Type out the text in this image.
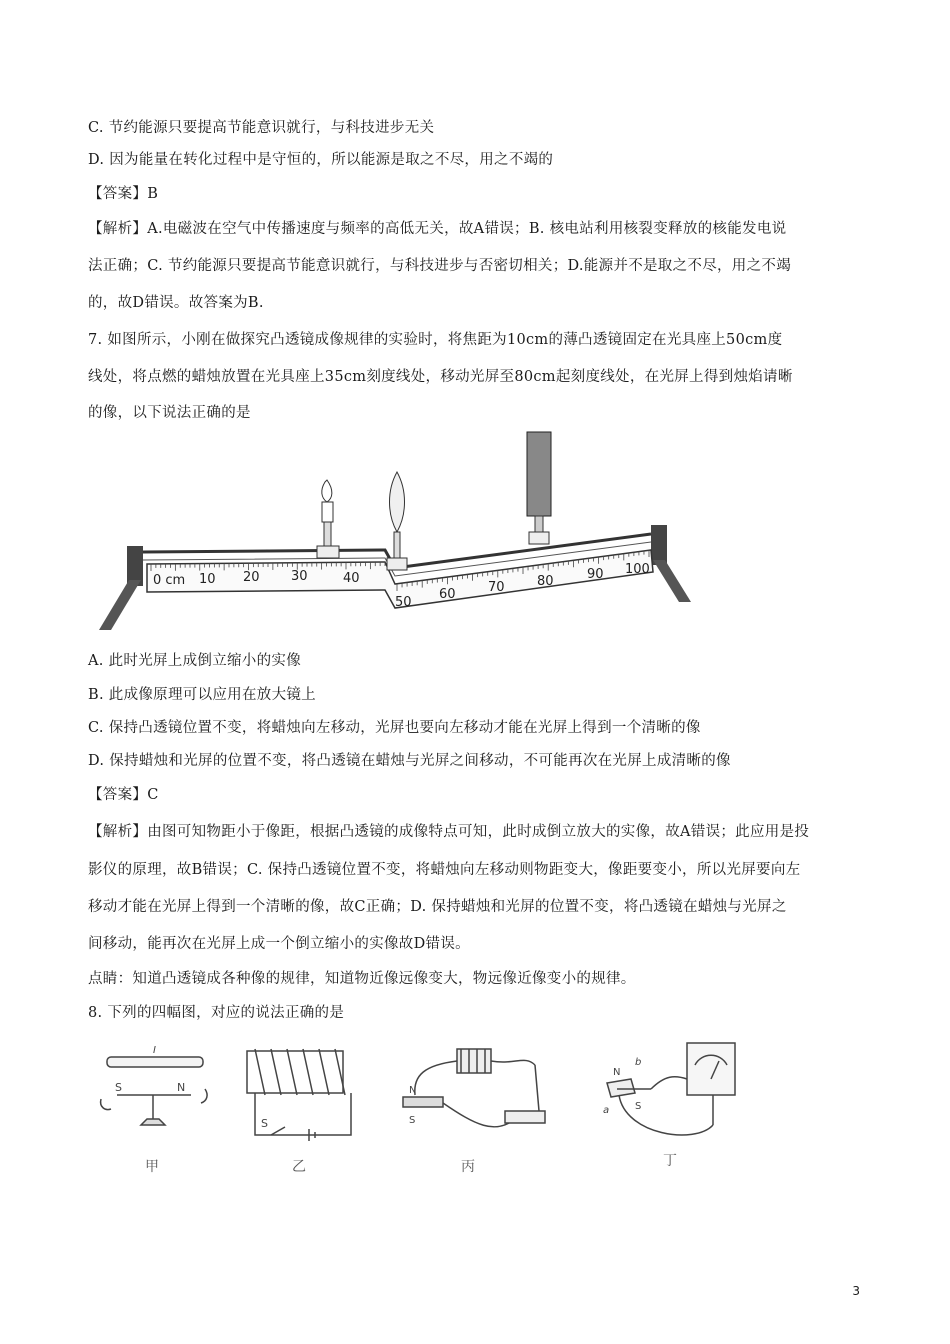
C. 节约能源只要提高节能意识就行，与科技进步无关
D. 因为能量在转化过程中是守恒的，所以能源是取之不尽，用之不竭的
【答案】B
【解析】A.电磁波在空气中传播速度与频率的高低无关，故A错误；B. 核电站利用核裂变释放的核能发电说
法正确；C. 节约能源只要提高节能意识就行，与科技进步与否密切相关；D.能源并不是取之不尽，用之不竭
的，故D错误。故答案为B.
7. 如图所示，小刚在做探究凸透镜成像规律的实验时，将焦距为10cm的薄凸透镜固定在光具座上50cm度
线处，将点燃的蜡烛放置在光具座上35cm刻度线处，移动光屏至80cm起刻度线处，在光屏上得到烛焰请晰
的像，以下说法正确的是
0 cm 10 20 30	40
50
60 70 80	90 100
A. 此时光屏上成倒立缩小的实像
B. 此成像原理可以应用在放大镜上
C. 保持凸透镜位置不变，将蜡烛向左移动，光屏也要向左移动才能在光屏上得到一个清晰的像
D. 保持蜡烛和光屏的位置不变，将凸透镜在蜡烛与光屏之间移动，不可能再次在光屏上成清晰的像
【答案】C
【解析】由图可知物距小于像距，根据凸透镜的成像特点可知，此时成倒立放大的实像，故A错误；此应用是投
影仪的原理，故B错误；C. 保持凸透镜位置不变，将蜡烛向左移动则物距变大，像距要变小，所以光屏要向左
移动才能在光屏上得到一个清晰的像，故C正确；D. 保持蜡烛和光屏的位置不变，将凸透镜在蜡烛与光屏之
间移动，能再次在光屏上成一个倒立缩小的实像故D错误。
点睛：知道凸透镜成各种像的规律，知道物近像远像变大，物远像近像变小的规律。
8. 下列的四幅图，对应的说法正确的是
I
S	N
甲
S
乙
N
S
丙
N
S
a
b
丁
3
